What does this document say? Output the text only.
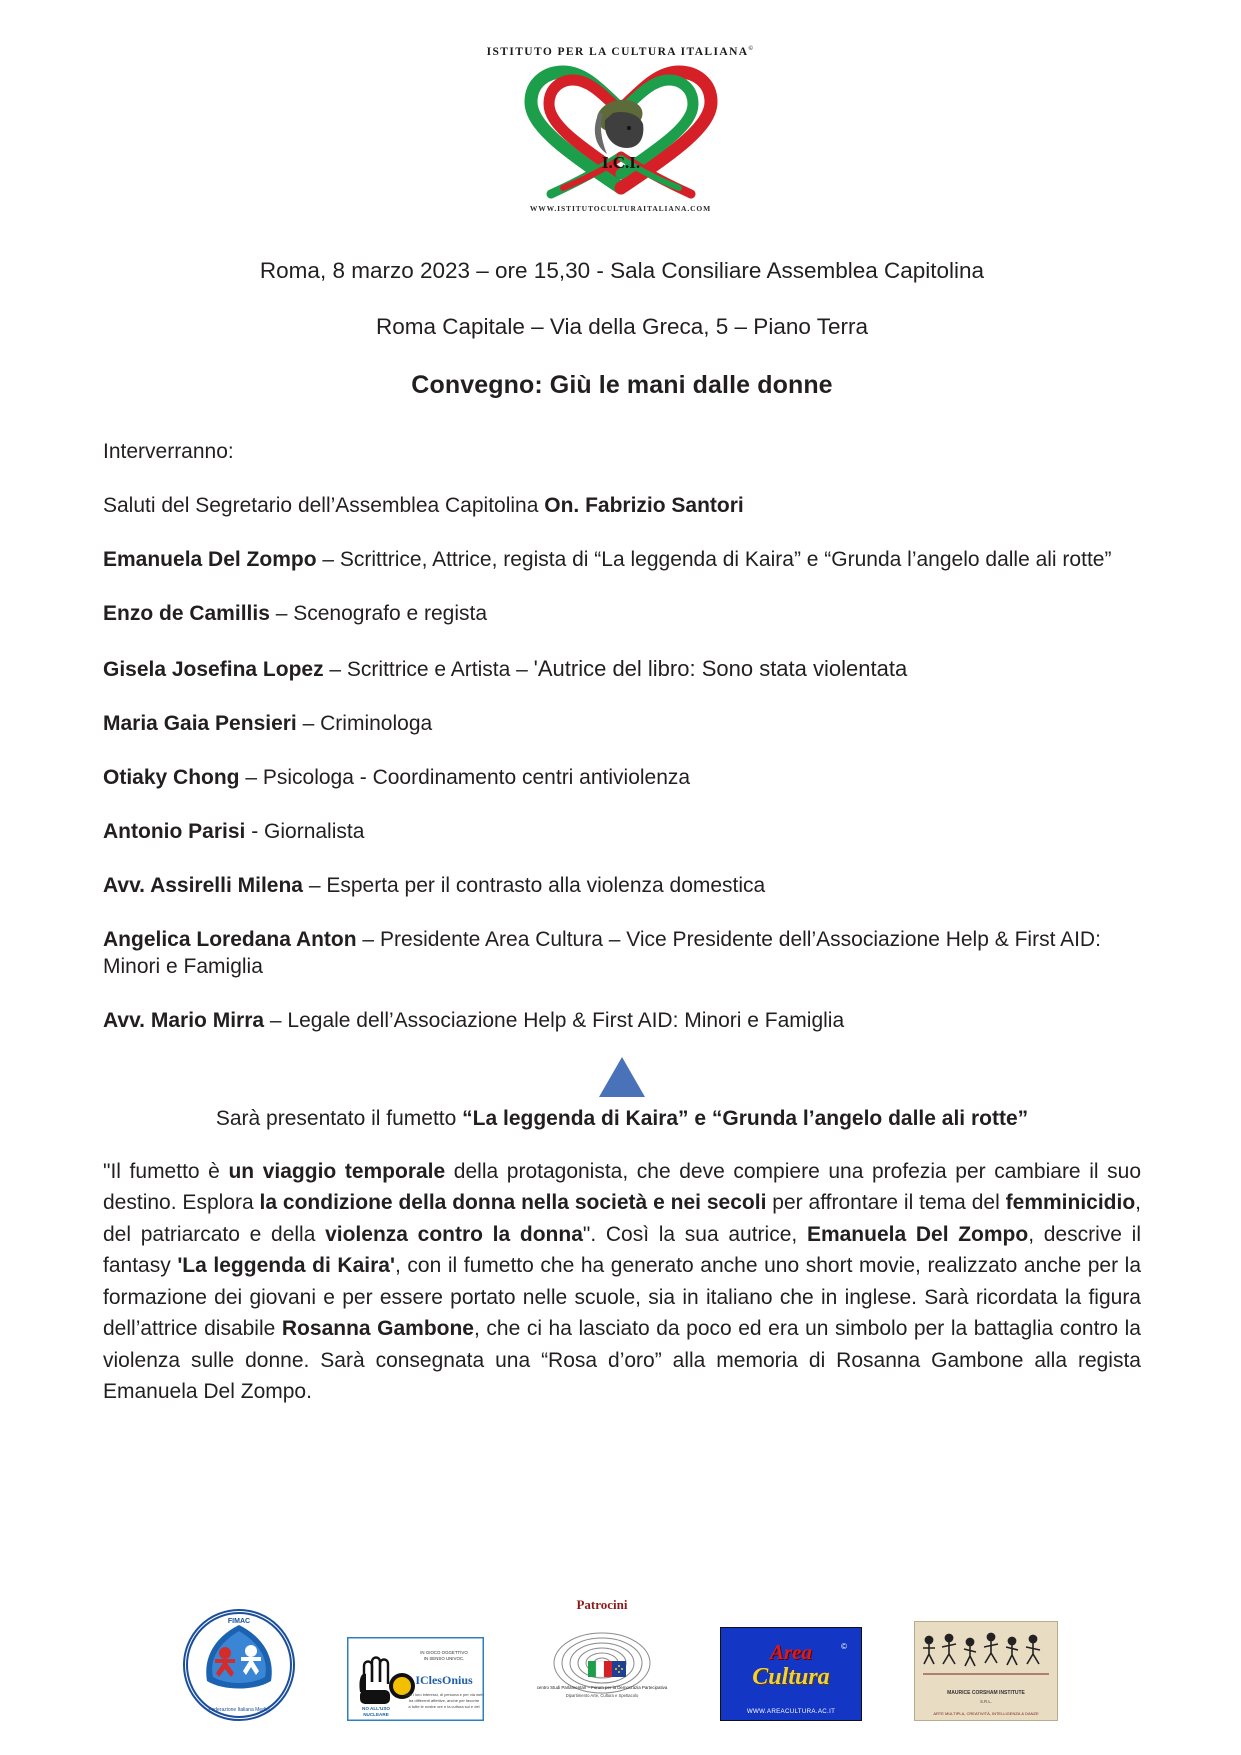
ISTITUTO PER LA CULTURA ITALIANA©
I.C.I.
WWW.ISTITUTOCULTURAITALIANA.COM

Roma, 8 marzo 2023 – ore 15,30 - Sala Consiliare Assemblea Capitolina

Roma Capitale – Via della Greca, 5 – Piano Terra

Convegno: Giù le mani dalle donne

Interverranno:

Saluti del Segretario dell’Assemblea Capitolina On. Fabrizio Santori

Emanuela Del Zompo – Scrittrice, Attrice, regista di “La leggenda di Kaira” e “Grunda l’angelo dalle ali rotte”

Enzo de Camillis – Scenografo e regista

Gisela Josefina Lopez – Scrittrice e Artista – 'Autrice del libro: Sono stata violentata

Maria Gaia Pensieri – Criminologa

Otiaky Chong – Psicologa - Coordinamento centri antiviolenza

Antonio Parisi - Giornalista

Avv. Assirelli Milena – Esperta per il contrasto alla violenza domestica

Angelica Loredana Anton – Presidente Area Cultura – Vice Presidente dell’Associazione Help & First AID: Minori e Famiglia

Avv. Mario Mirra – Legale dell’Associazione Help & First AID: Minori e Famiglia

Sarà presentato il fumetto “La leggenda di Kaira” e “Grunda l’angelo dalle ali rotte”

"Il fumetto è un viaggio temporale della protagonista, che deve compiere una profezia per cambiare il suo destino. Esplora la condizione della donna nella società e nei secoli per affrontare il tema del femminicidio, del patriarcato e della violenza contro la donna". Così la sua autrice, Emanuela Del Zompo, descrive il fantasy 'La leggenda di Kaira', con il fumetto che ha generato anche uno short movie, realizzato anche per la formazione dei giovani e per essere portato nelle scuole, sia in italiano che in inglese. Sarà ricordata la figura dell’attrice disabile Rosanna Gambone, che ci ha lasciato da poco ed era un simbolo per la battaglia contro la violenza sulle donne. Sarà consegnata una “Rosa d’oro” alla memoria di Rosanna Gambone alla regista Emanuela Del Zompo.

FIMAC
Federazione Italiana Medici
IClesOnius
IN GIOCO OGGETTIVO
IN SENSO UNIVOC.
Con i loro interessi, di persona e per via web
tra differenti affettive, anche per favorire
a tutte le nostre ore e la cultura sul e del
NO ALL'USO
NUCLEARE
Patrocini
centro Studi Parlamentari – Forum per la Democrazia Partecipativa
Dipartimento Arte, Cultura e Spettacolo
©
Area
Cultura
WWW.AREACULTURA.AC.IT
MAURICE CORSHAM INSTITUTE
S.R.L.
ARTE MULTIPLA, CREATIVITÀ, INTELLIGENZA & DANZE
